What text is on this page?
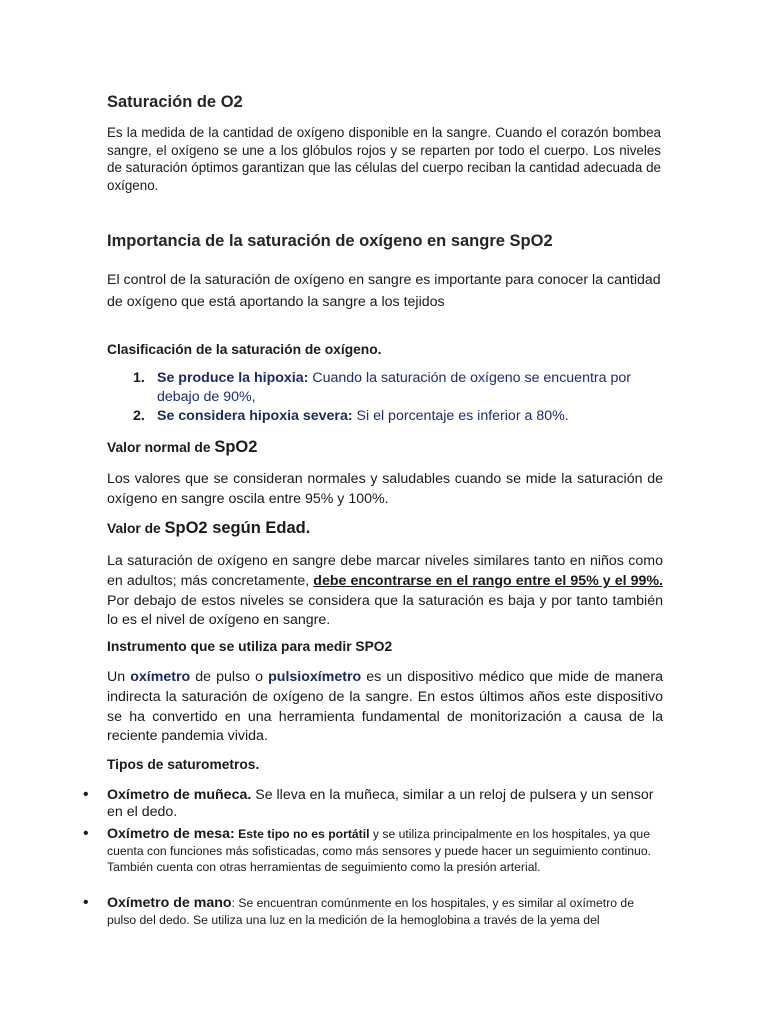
Saturación de O2
Es la medida de la cantidad de oxígeno disponible en la sangre. Cuando el corazón bombea sangre, el oxígeno se une a los glóbulos rojos y se reparten por todo el cuerpo. Los niveles de saturación óptimos garantizan que las células del cuerpo reciban la cantidad adecuada de oxígeno.
Importancia de la saturación de oxígeno en sangre SpO2
El control de la saturación de oxígeno en sangre es importante para conocer la cantidad de oxígeno que está aportando la sangre a los tejidos
Clasificación de la saturación de oxígeno.
1. Se produce la hipoxia: Cuando la saturación de oxígeno se encuentra por debajo de 90%,
2. Se considera hipoxia severa: Si el porcentaje es inferior a 80%.
Valor normal de SpO2
Los valores que se consideran normales y saludables cuando se mide la saturación de oxígeno en sangre oscila entre 95% y 100%.
Valor de SpO2 según Edad.
La saturación de oxígeno en sangre debe marcar niveles similares tanto en niños como en adultos; más concretamente, debe encontrarse en el rango entre el 95% y el 99%. Por debajo de estos niveles se considera que la saturación es baja y por tanto también lo es el nivel de oxígeno en sangre.
Instrumento que se utiliza para medir SPO2
Un oxímetro de pulso o pulsioxímetro es un dispositivo médico que mide de manera indirecta la saturación de oxígeno de la sangre. En estos últimos años este dispositivo se ha convertido en una herramienta fundamental de monitorización a causa de la reciente pandemia vivida.
Tipos de saturometros.
• Oxímetro de muñeca. Se lleva en la muñeca, similar a un reloj de pulsera y un sensor en el dedo.
• Oxímetro de mesa: Este tipo no es portátil y se utiliza principalmente en los hospitales, ya que cuenta con funciones más sofisticadas, como más sensores y puede hacer un seguimiento continuo. También cuenta con otras herramientas de seguimiento como la presión arterial.
• Oxímetro de mano: Se encuentran comúnmente en los hospitales, y es similar al oxímetro de pulso del dedo. Se utiliza una luz en la medición de la hemoglobina a través de la yema del
